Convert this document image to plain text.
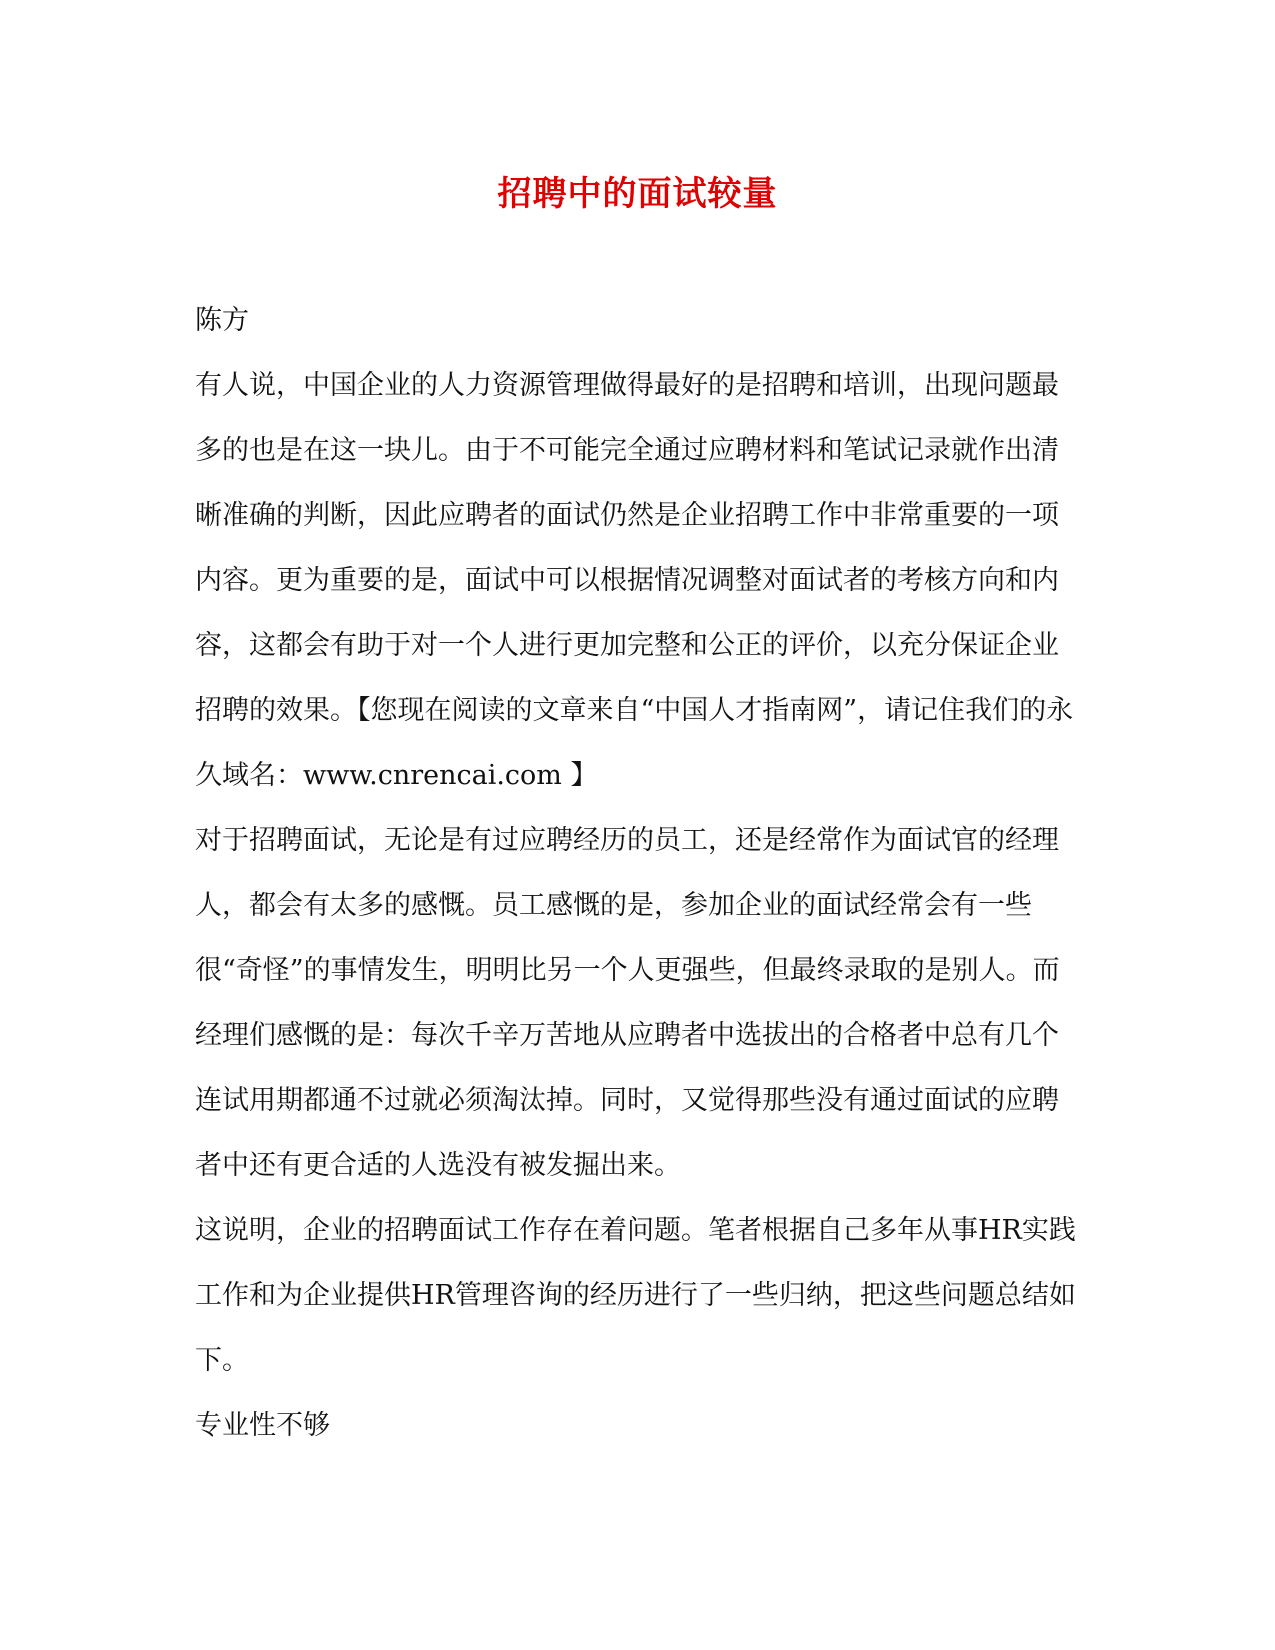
招聘中的面试较量

陈方

有人说，中国企业的人力资源管理做得最好的是招聘和培训，出现问题最多的也是在这一块儿。由于不可能完全通过应聘材料和笔试记录就作出清晰准确的判断，因此应聘者的面试仍然是企业招聘工作中非常重要的一项内容。更为重要的是，面试中可以根据情况调整对面试者的考核方向和内容，这都会有助于对一个人进行更加完整和公正的评价，以充分保证企业招聘的效果。【您现在阅读的文章来自“中国人才指南网”，请记住我们的永久域名：www.cnrencai.com 】

对于招聘面试，无论是有过应聘经历的员工，还是经常作为面试官的经理人，都会有太多的感慨。员工感慨的是，参加企业的面试经常会有一些很“奇怪”的事情发生，明明比另一个人更强些，但最终录取的是别人。而经理们感慨的是：每次千辛万苦地从应聘者中选拔出的合格者中总有几个连试用期都通不过就必须淘汰掉。同时，又觉得那些没有通过面试的应聘者中还有更合适的人选没有被发掘出来。

这说明，企业的招聘面试工作存在着问题。笔者根据自己多年从事HR实践工作和为企业提供HR管理咨询的经历进行了一些归纳，把这些问题总结如下。

专业性不够
